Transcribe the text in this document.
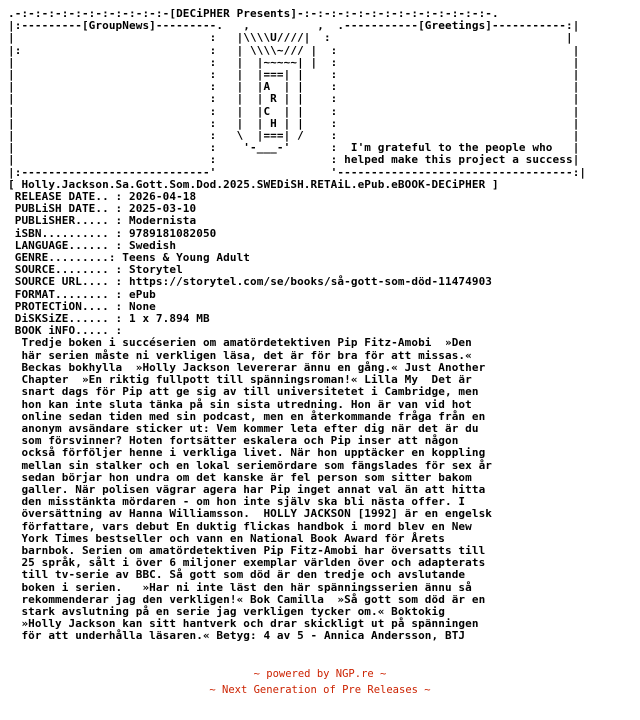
.-:-:-:-:-:-:-:-:-:-:-:-[DECiPHER Presents]-:-:-:-:-:-:-:-:-:-:-:-:-:-:-.
|:---------[GroupNews]---------.   ,          ,  .-----------[Greetings]-----------:|
|                             :   |\\\\U////|  :                                   |
|:                            :   | \\\\~/// |  :                                   |
|                             :   |  |~~~~~| |  :                                   |
|                             :   |  |===| |    :                                   |
|                             :   |  |A  | |    :                                   |
|                             :   |  | R | |    :                                   |
|                             :   |  |C  | |    :                                   |
|                             :   |  | H | |    :                                   |
|                             :   \  |===| /    :                                   |
|                             :    '-___-'      :  I'm grateful to the people who   |
|                             :                 : helped make this project a success|
|:----------------------------'                 '-----------------------------------:|
[ Holly.Jackson.Sa.Gott.Som.Dod.2025.SWEDiSH.RETAiL.ePub.eBOOK-DECiPHER ]
RELEASE DATE.. : 2026-04-18
PUBLiSH DATE.. : 2025-03-10
PUBLiSHER..... : Modernista
iSBN.......... : 9789181082050
LANGUAGE...... : Swedish
GENRE.........: Teens & Young Adult
SOURCE........ : Storytel
SOURCE URL.... : https://storytel.com/se/books/så-gott-som-död-11474903
FORMAT........ : ePub
PROTECTiON.... : None
DiSKSiZE...... : 1 x 7.894 MB
BOOK iNFO..... :
Tredje boken i succéserien om amatördetektiven Pip Fitz-Amobi  »Den
här serien måste ni verkligen läsa, det är för bra för att missas.«
Beckas bokhylla  »Holly Jackson levererar ännu en gång.« Just Another
Chapter  »En riktig fullpott till spänningsroman!« Lilla My  Det är
snart dags för Pip att ge sig av till universitetet i Cambridge, men
hon kan inte sluta tänka på sin sista utredning. Hon är van vid hot
online sedan tiden med sin podcast, men en återkommande fråga från en
anonym avsändare sticker ut: Vem kommer leta efter dig när det är du
som försvinner? Hoten fortsätter eskalera och Pip inser att någon
också förföljer henne i verkliga livet. När hon upptäcker en koppling
mellan sin stalker och en lokal seriemördare som fängslades för sex år
sedan börjar hon undra om det kanske är fel person som sitter bakom
galler. När polisen vägrar agera har Pip inget annat val än att hitta
den misstänkta mördaren - om hon inte själv ska bli nästa offer. I
översättning av Hanna Williamsson.  HOLLY JACKSON [1992] är en engelsk
författare, vars debut En duktig flickas handbok i mord blev en New
York Times bestseller och vann en National Book Award för Årets
barnbok. Serien om amatördetektiven Pip Fitz-Amobi har översatts till
25 språk, sålt i över 6 miljoner exemplar världen över och adapterats
till tv-serie av BBC. Så gott som död är den tredje och avslutande
boken i serien.   »Har ni inte läst den här spänningsserien ännu så
rekommenderar jag den verkligen!« Bok Camilla  »Så gott som död är en
stark avslutning på en serie jag verkligen tycker om.« Boktokig
»Holly Jackson kan sitt hantverk och drar skickligt ut på spänningen
för att underhålla läsaren.« Betyg: 4 av 5 - Annica Andersson, BTJ
~ powered by NGP.re ~
~ Next Generation of Pre Releases ~
